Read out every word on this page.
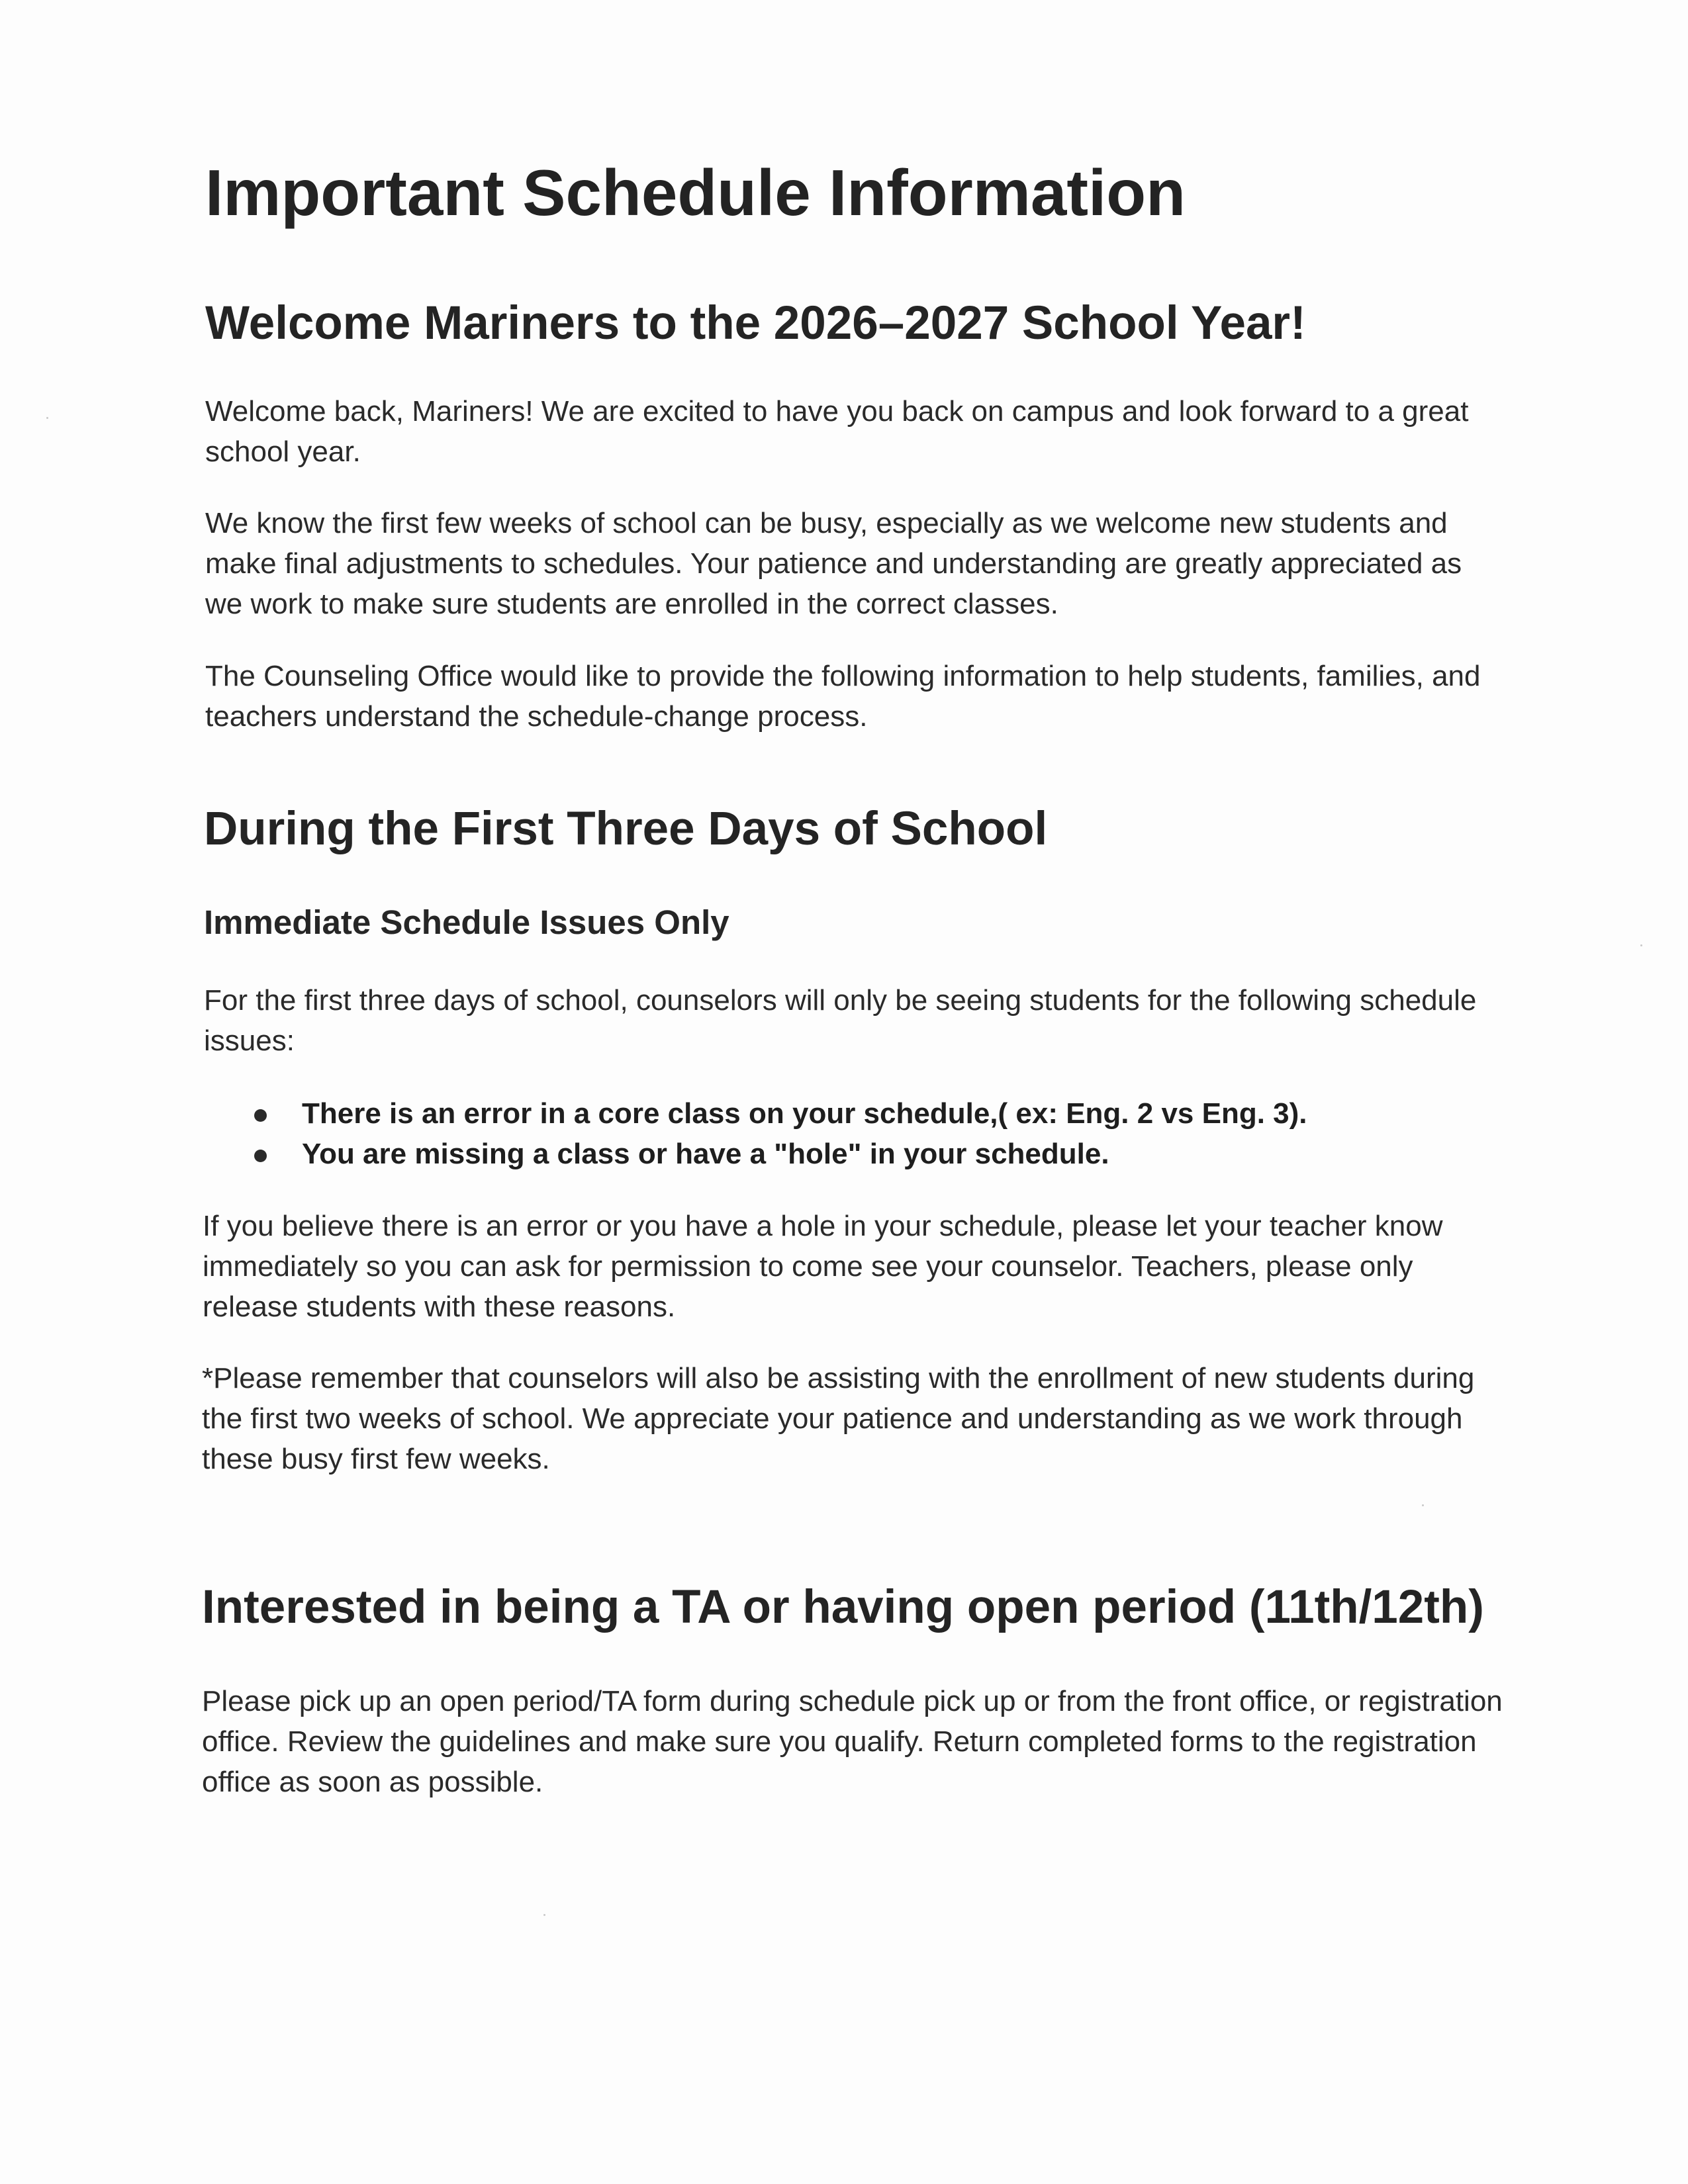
Important Schedule Information
Welcome Mariners to the 2026–2027 School Year!

Welcome back, Mariners! We are excited to have you back on campus and look forward to a great school year.

We know the first few weeks of school can be busy, especially as we welcome new students and make final adjustments to schedules. Your patience and understanding are greatly appreciated as we work to make sure students are enrolled in the correct classes.

The Counseling Office would like to provide the following information to help students, families, and teachers understand the schedule-change process.

During the First Three Days of School
Immediate Schedule Issues Only

For the first three days of school, counselors will only be seeing students for the following schedule issues:

There is an error in a core class on your schedule,( ex: Eng. 2 vs Eng. 3).
You are missing a class or have a "hole" in your schedule.

If you believe there is an error or you have a hole in your schedule, please let your teacher know immediately so you can ask for permission to come see your counselor. Teachers, please only release students with these reasons.

*Please remember that counselors will also be assisting with the enrollment of new students during the first two weeks of school. We appreciate your patience and understanding as we work through these busy first few weeks.

Interested in being a TA or having open period (11th/12th)

Please pick up an open period/TA form during schedule pick up or from the front office, or registration office. Review the guidelines and make sure you qualify. Return completed forms to the registration office as soon as possible.
